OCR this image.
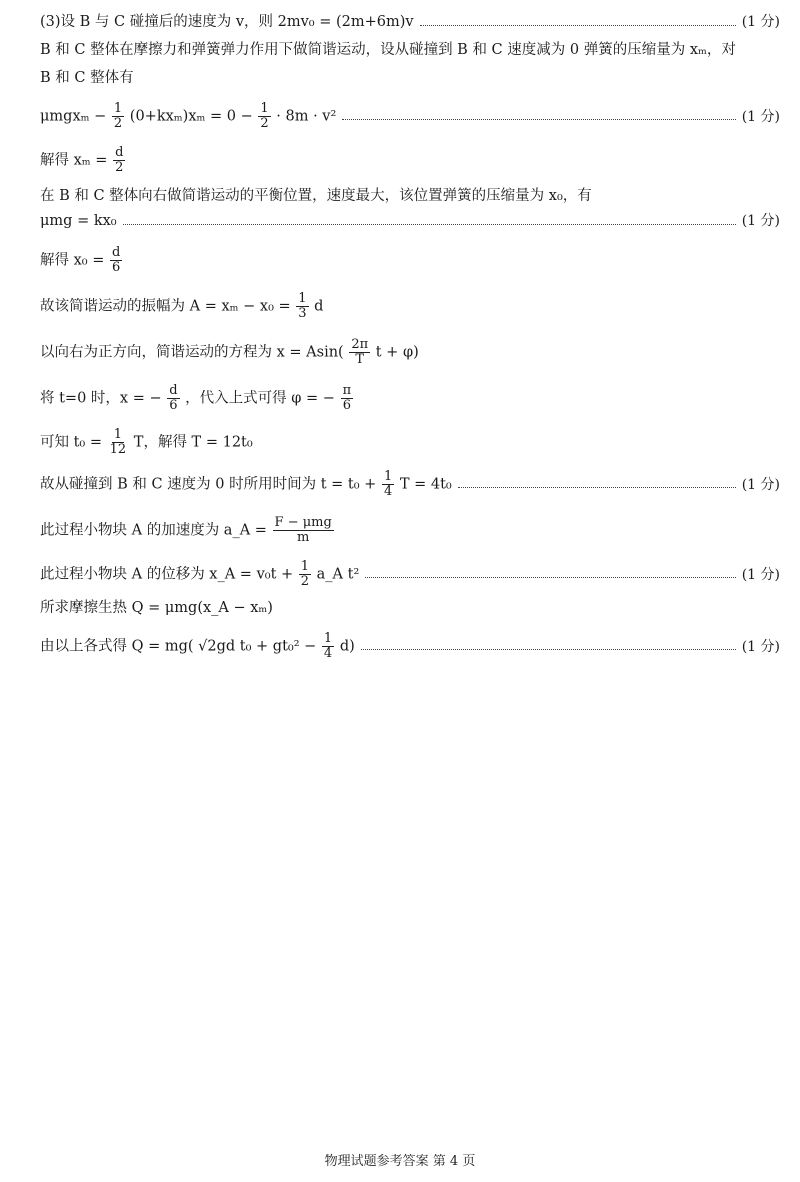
(3)设 B 与 C 碰撞后的速度为 v，则 2mv₀ = (2m+6m)v	(1 分)
B 和 C 整体在摩擦力和弹簧弹力作用下做简谐运动，设从碰撞到 B 和 C 速度减为 0 弹簧的压缩量为 xₘ，对
B 和 C 整体有
$\mu mgx_m - \frac{1}{2} (0+kx_m)x_m = 0 - \frac{1}{2} \cdot 8m \cdot v^2$	(1 分)
解得 $x_m = \frac{d}{2}$
在 B 和 C 整体向右做简谐运动的平衡位置，速度最大，该位置弹簧的压缩量为 x₀，有
μmg = kx₀	(1 分)
解得 $x_0 = \frac{d}{6}$
故该简谐运动的振幅为 $A = x_m - x_0 = \frac{1}{3}$ d
以向右为正方向，简谐运动的方程为 $x = Asin( \frac{2\pi}{T}$ t + φ)
将 t=0 时，x = − $\frac{d}{6}$ ，代入上式可得 φ = − $\frac{\pi}{6}$
可知 $t_0 = \frac{1}{12}$ T，解得 T = 12t₀
故从碰撞到 B 和 C 速度为 0 时所用时间为 $t = t_0 + \frac{1}{4}$ T = 4t₀	(1 分)
此过程小物块 A 的加速度为 a_A = $\frac{\text{F − μmg}}{m}$
此过程小物块 A 的位移为 x_A = $v_0t + \frac{1}{2}$ a_A t²	(1 分)
所求摩擦生热 Q = μmg(x_A − xₘ)
由以上各式得 Q = mg( √2gd $t_0 + gt_0^2 - \frac{1}{4} d$)	(1 分)
物理试题参考答案 第 4 页
